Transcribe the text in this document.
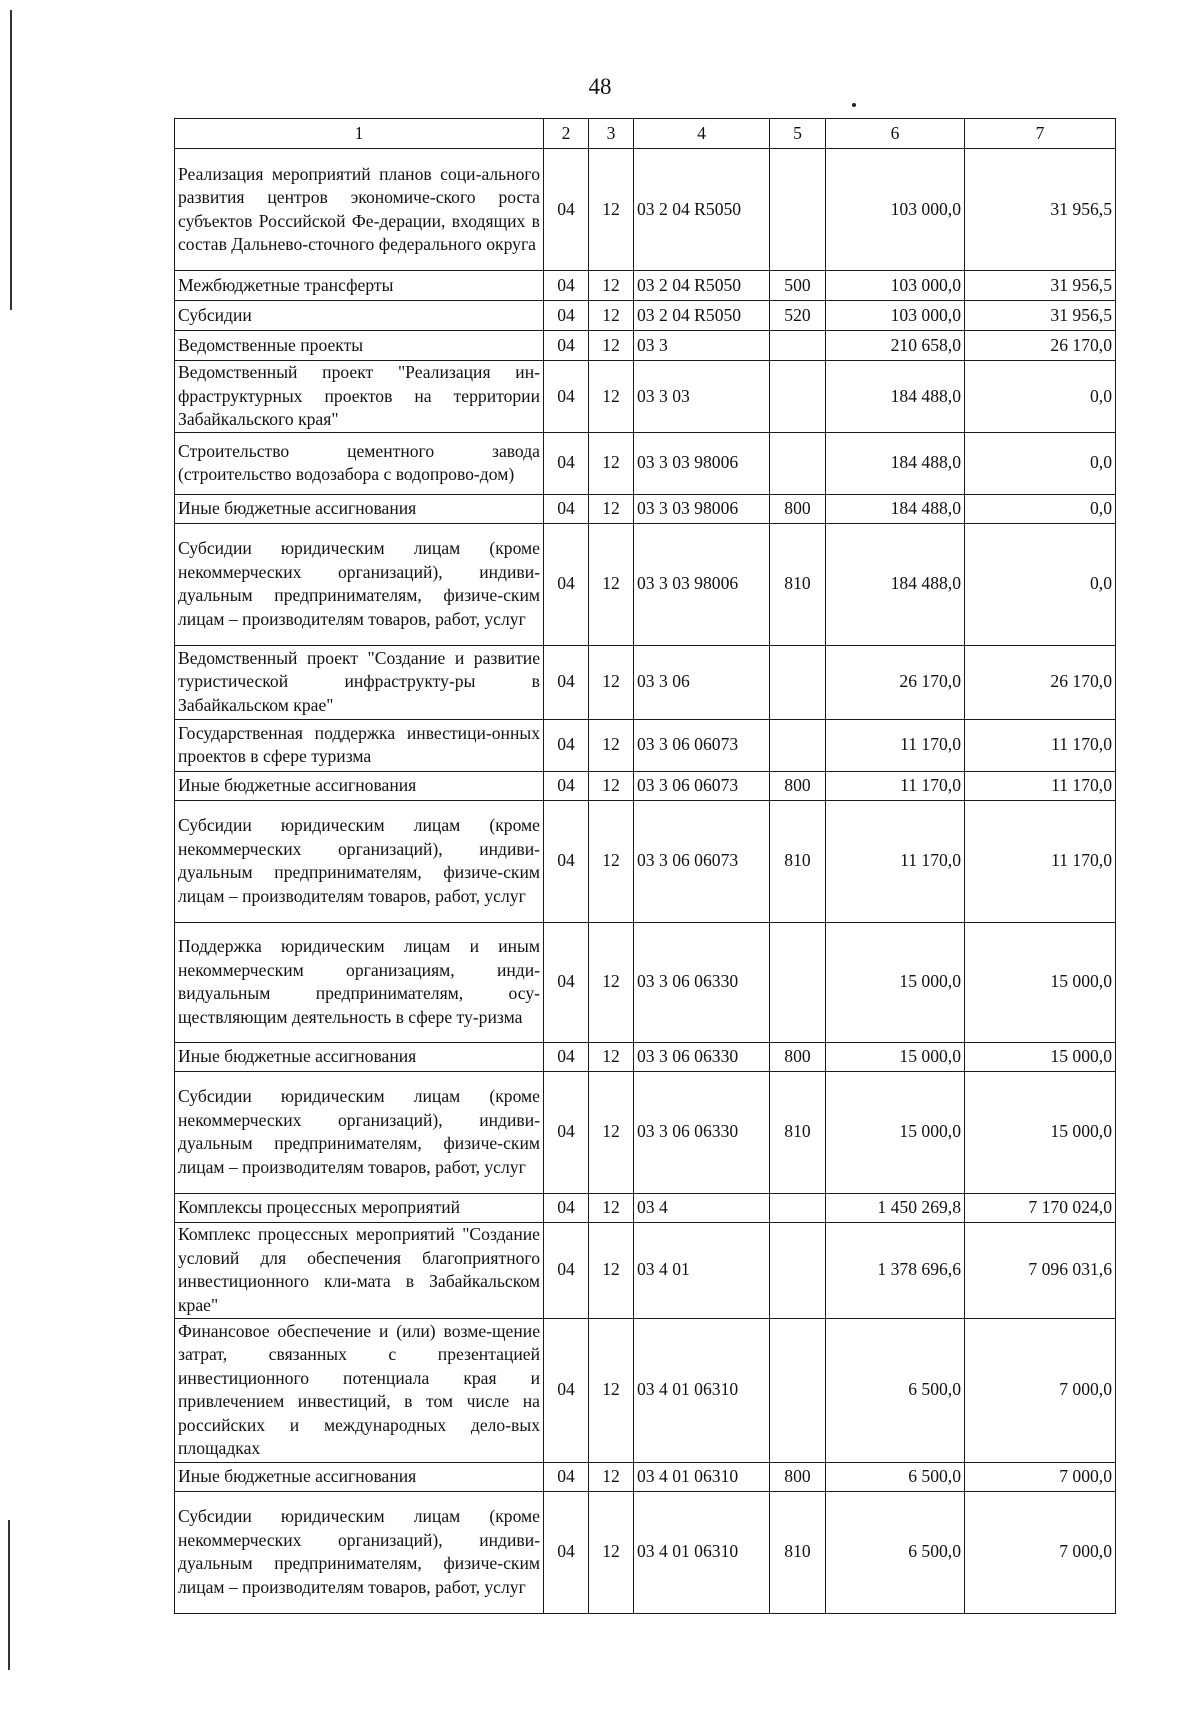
48
1	2	3	4	5	6	7
Реализация мероприятий планов соци-ального развития центров экономиче-ского роста субъектов Российской Фе-дерации, входящих в состав Дальнево-сточного федерального округа	04	12	03 2 04 R5050		103 000,0	31 956,5
Межбюджетные трансферты	04	12	03 2 04 R5050	500	103 000,0	31 956,5
Субсидии	04	12	03 2 04 R5050	520	103 000,0	31 956,5
Ведомственные проекты	04	12	03 3		210 658,0	26 170,0
Ведомственный проект "Реализация ин-фраструктурных проектов на территории Забайкальского края"	04	12	03 3 03		184 488,0	0,0
Строительство цементного завода (строительство водозабора с водопрово-дом)	04	12	03 3 03 98006		184 488,0	0,0
Иные бюджетные ассигнования	04	12	03 3 03 98006	800	184 488,0	0,0
Субсидии юридическим лицам (кроме некоммерческих организаций), индиви-дуальным предпринимателям, физиче-ским лицам – производителям товаров, работ, услуг	04	12	03 3 03 98006	810	184 488,0	0,0
Ведомственный проект "Создание и развитие туристической инфраструкту-ры в Забайкальском крае"	04	12	03 3 06		26 170,0	26 170,0
Государственная поддержка инвестици-онных проектов в сфере туризма	04	12	03 3 06 06073		11 170,0	11 170,0
Иные бюджетные ассигнования	04	12	03 3 06 06073	800	11 170,0	11 170,0
Субсидии юридическим лицам (кроме некоммерческих организаций), индиви-дуальным предпринимателям, физиче-ским лицам – производителям товаров, работ, услуг	04	12	03 3 06 06073	810	11 170,0	11 170,0
Поддержка юридическим лицам и иным некоммерческим организациям, инди-видуальным предпринимателям, осу-ществляющим деятельность в сфере ту-ризма	04	12	03 3 06 06330		15 000,0	15 000,0
Иные бюджетные ассигнования	04	12	03 3 06 06330	800	15 000,0	15 000,0
Субсидии юридическим лицам (кроме некоммерческих организаций), индиви-дуальным предпринимателям, физиче-ским лицам – производителям товаров, работ, услуг	04	12	03 3 06 06330	810	15 000,0	15 000,0
Комплексы процессных мероприятий	04	12	03 4		1 450 269,8	7 170 024,0
Комплекс процессных мероприятий "Создание условий для обеспечения благоприятного инвестиционного кли-мата в Забайкальском крае"	04	12	03 4 01		1 378 696,6	7 096 031,6
Финансовое обеспечение и (или) возме-щение затрат, связанных с презентацией инвестиционного потенциала края и привлечением инвестиций, в том числе на российских и международных дело-вых площадках	04	12	03 4 01 06310		6 500,0	7 000,0
Иные бюджетные ассигнования	04	12	03 4 01 06310	800	6 500,0	7 000,0
Субсидии юридическим лицам (кроме некоммерческих организаций), индиви-дуальным предпринимателям, физиче-ским лицам – производителям товаров, работ, услуг	04	12	03 4 01 06310	810	6 500,0	7 000,0
